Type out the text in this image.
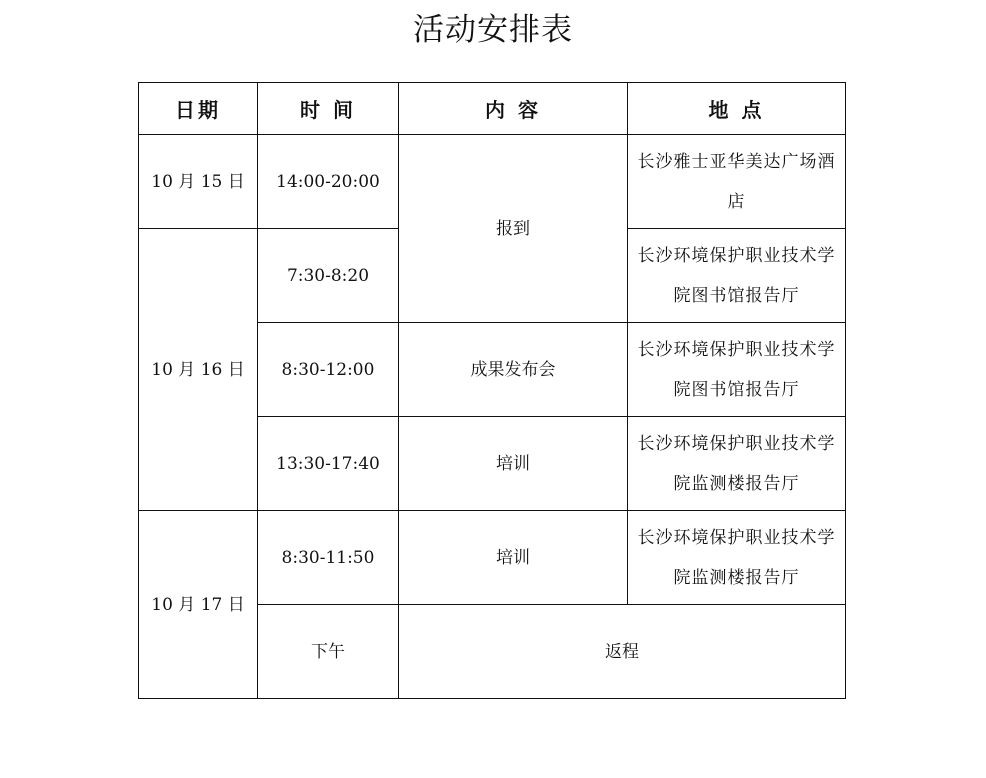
活动安排表
日期	时 间	内 容	地 点
10 月 15 日	14:00-20:00	报到	长沙雅士亚华美达广场酒店
10 月 16 日	7:30-8:20		长沙环境保护职业技术学院图书馆报告厅
	8:30-12:00	成果发布会	长沙环境保护职业技术学院图书馆报告厅
	13:30-17:40	培训	长沙环境保护职业技术学院监测楼报告厅
10 月 17 日	8:30-11:50	培训	长沙环境保护职业技术学院监测楼报告厅
	下午	返程	
